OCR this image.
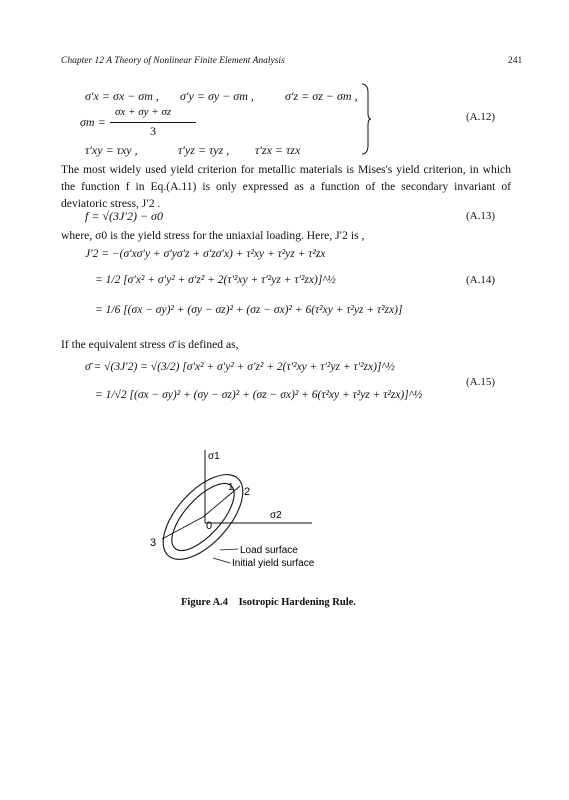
Chapter 12 A Theory of Nonlinear Finite Element Analysis	241
σ′x = σx − σm , σ′y = σy − σm ,	σ′z = σz − σm ,
σx + σy + σz
σm =
3
τ′xy = τxy ,	τ′yz = τyz , τ′zx = τzx
(A.12)
The most widely used yield criterion for metallic materials is Mises's yield criterion, in which the function f in Eq.(A.11) is only expressed as a function of the secondary invariant of deviatoric stress, J′2 .
f = √(3J′2) − σ0	(A.13)
where, σ0 is the yield stress for the uniaxial loading. Here, J′2 is ,
J′2 = −(σ′xσ′y + σ′yσ′z + σ′zσ′x) + τ²xy + τ²yz + τ²zx
= 1/2 [σ′x² + σ′y² + σ′z² + 2(τ′²xy + τ′²yz + τ′²zx)]^½
= 1/6 [(σx − σy)² + (σy − σz)² + (σz − σx)² + 6(τ²xy + τ²yz + τ²zx)]
(A.14)
If the equivalent stress σ̄ is defined as,
σ̄ = √(3J′2) = √(3/2) [σ′x² + σ′y² + σ′z² + 2(τ′²xy + τ′²yz + τ′²zx)]^½
= 1/√2 [(σx − σy)² + (σy − σz)² + (σz − σx)² + 6(τ²xy + τ²yz + τ²zx)]^½
(A.15)
σ1
σ2
0
1 2
3
Load surface
Initial yield surface
Figure A.4 Isotropic Hardening Rule.
